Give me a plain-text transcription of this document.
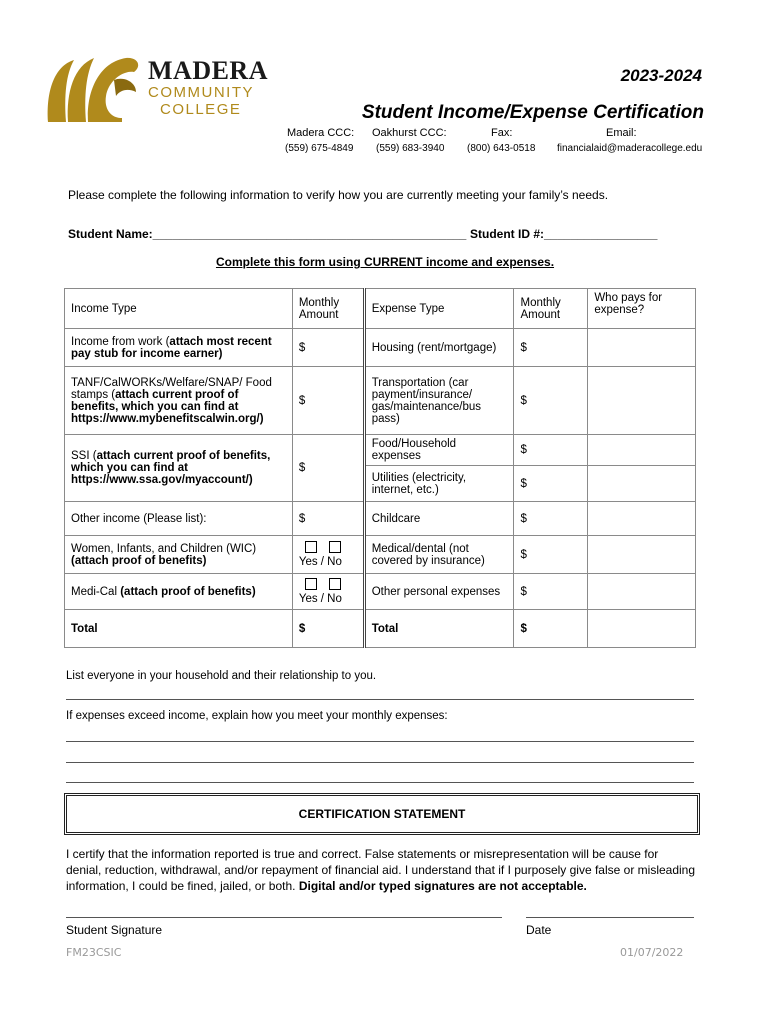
MADERA
COMMUNITY
COLLEGE
2023-2024
Student Income/Expense Certification
Madera CCC:
(559) 675-4849
Oakhurst CCC:
(559) 683-3940
Fax:
(800) 643-0518
Email:
financialaid@maderacollege.edu
Please complete the following information to verify how you are currently meeting your family’s needs.
Student Name:_______________________________________________ Student ID #:_________________
Complete this form using CURRENT income and expenses.
Income Type	Monthly Amount	Expense Type	Monthly Amount	Who pays for expense?
Income from work (attach most recent pay stub for income earner)	$	Housing (rent/mortgage)	$	
TANF/CalWORKs/Welfare/SNAP/ Food stamps (attach current proof of benefits, which you can find at https://www.mybenefitscalwin.org/)	$	Transportation (car payment/insurance/ gas/maintenance/bus pass)	$	
SSI (attach current proof of benefits, which you can find at https://www.ssa.gov/myaccount/)	$	Food/Household expenses	$	
		Utilities (electricity, internet, etc.)	$	
Other income (Please list):	$	Childcare	$	
Women, Infants, and Children (WIC)
(attach proof of benefits)	Yes / No	Medical/dental (not covered by insurance)	$	
Medi-Cal (attach proof of benefits)	Yes / No	Other personal expenses	$	
Total	$	Total	$	
List everyone in your household and their relationship to you.
If expenses exceed income, explain how you meet your monthly expenses:
CERTIFICATION STATEMENT
I certify that the information reported is true and correct. False statements or misrepresentation will be cause for denial, reduction, withdrawal, and/or repayment of financial aid. I understand that if I purposely give false or misleading information, I could be fined, jailed, or both. Digital and/or typed signatures are not acceptable.
Student Signature	Date
FM23CSIC	01/07/2022
